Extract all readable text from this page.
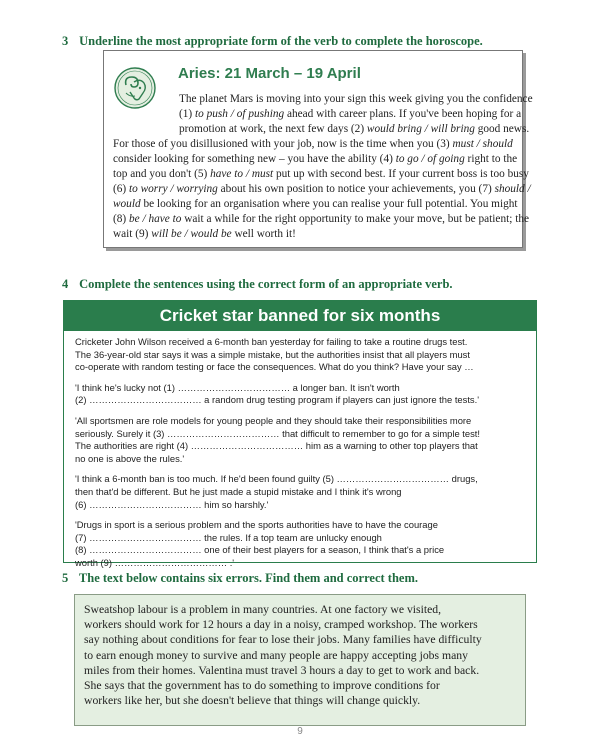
3 Underline the most appropriate form of the verb to complete the horoscope.
Aries: 21 March – 19 April
The planet Mars is moving into your sign this week giving you the confidence
(1) to push / of pushing ahead with career plans. If you've been hoping for a
promotion at work, the next few days (2) would bring / will bring good news.
For those of you disillusioned with your job, now is the time when you (3) must / should
consider looking for something new – you have the ability (4) to go / of going right to the
top and you don't (5) have to / must put up with second best. If your current boss is too busy
(6) to worry / worrying about his own position to notice your achievements, you (7) should /
would be looking for an organisation where you can realise your full potential. You might
(8) be / have to wait a while for the right opportunity to make your move, but be patient; the
wait (9) will be / would be well worth it!
4 Complete the sentences using the correct form of an appropriate verb.
Cricket star banned for six months
Cricketer John Wilson received a 6-month ban yesterday for failing to take a routine drugs test.
The 36-year-old star says it was a simple mistake, but the authorities insist that all players must
co-operate with random testing or face the consequences. What do you think? Have your say …
'I think he's lucky not (1) ……………………………… a longer ban. It isn't worth
(2) ……………………………… a random drug testing program if players can just ignore the tests.'
'All sportsmen are role models for young people and they should take their responsibilities more
seriously. Surely it (3) ……………………………… that difficult to remember to go for a simple test!
The authorities are right (4) ……………………………… him as a warning to other top players that
no one is above the rules.'
'I think a 6-month ban is too much. If he'd been found guilty (5) ……………………………… drugs,
then that'd be different. But he just made a stupid mistake and I think it's wrong
(6) ……………………………… him so harshly.'
'Drugs in sport is a serious problem and the sports authorities have to have the courage
(7) ……………………………… the rules. If a top team are unlucky enough
(8) ……………………………… one of their best players for a season, I think that's a price
worth (9) ……………………………… .'
5 The text below contains six errors. Find them and correct them.
Sweatshop labour is a problem in many countries. At one factory we visited,
workers should work for 12 hours a day in a noisy, cramped workshop. The workers
say nothing about conditions for fear to lose their jobs. Many families have difficulty
to earn enough money to survive and many people are happy accepting jobs many
miles from their homes. Valentina must travel 3 hours a day to get to work and back.
She says that the government has to do something to improve conditions for
workers like her, but she doesn't believe that things will change quickly.
9
